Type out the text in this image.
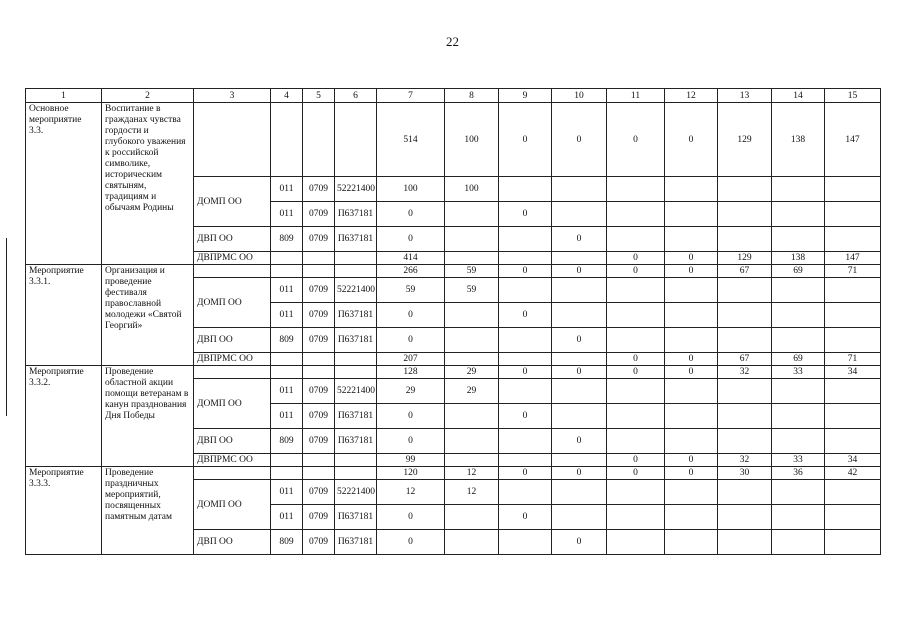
22
1	2	3	4	5	6	7	8	9	10	11	12	13	14	15
Основное мероприятие 3.3.	Воспитание в гражданах чувства гордости и глубокого уважения к российской символике, историческим святыням, традициям и обычаям Родины					514	100	0	0	0	0	129	138	147
		ДОМП ОО	011	0709	52221400	100	100							
			011	0709	П637181	0		0						
		ДВП ОО	809	0709	П637181	0			0					
		ДВПРМС ОО				414				0	0	129	138	147
Мероприятие 3.3.1.	Организация и проведение фестиваля православной молодежи «Святой Георгий»					266	59	0	0	0	0	67	69	71
		ДОМП ОО	011	0709	52221400	59	59							
			011	0709	П637181	0		0						
		ДВП ОО	809	0709	П637181	0			0					
		ДВПРМС ОО				207				0	0	67	69	71
Мероприятие 3.3.2.	Проведение областной акции помощи ветеранам в канун празднования Дня Победы					128	29	0	0	0	0	32	33	34
		ДОМП ОО	011	0709	52221400	29	29							
			011	0709	П637181	0		0						
		ДВП ОО	809	0709	П637181	0			0					
		ДВПРМС ОО				99				0	0	32	33	34
Мероприятие 3.3.3.	Проведение праздничных мероприятий, посвященных памятным датам					120	12	0	0	0	0	30	36	42
		ДОМП ОО	011	0709	52221400	12	12							
			011	0709	П637181	0		0						
		ДВП ОО	809	0709	П637181	0			0					
